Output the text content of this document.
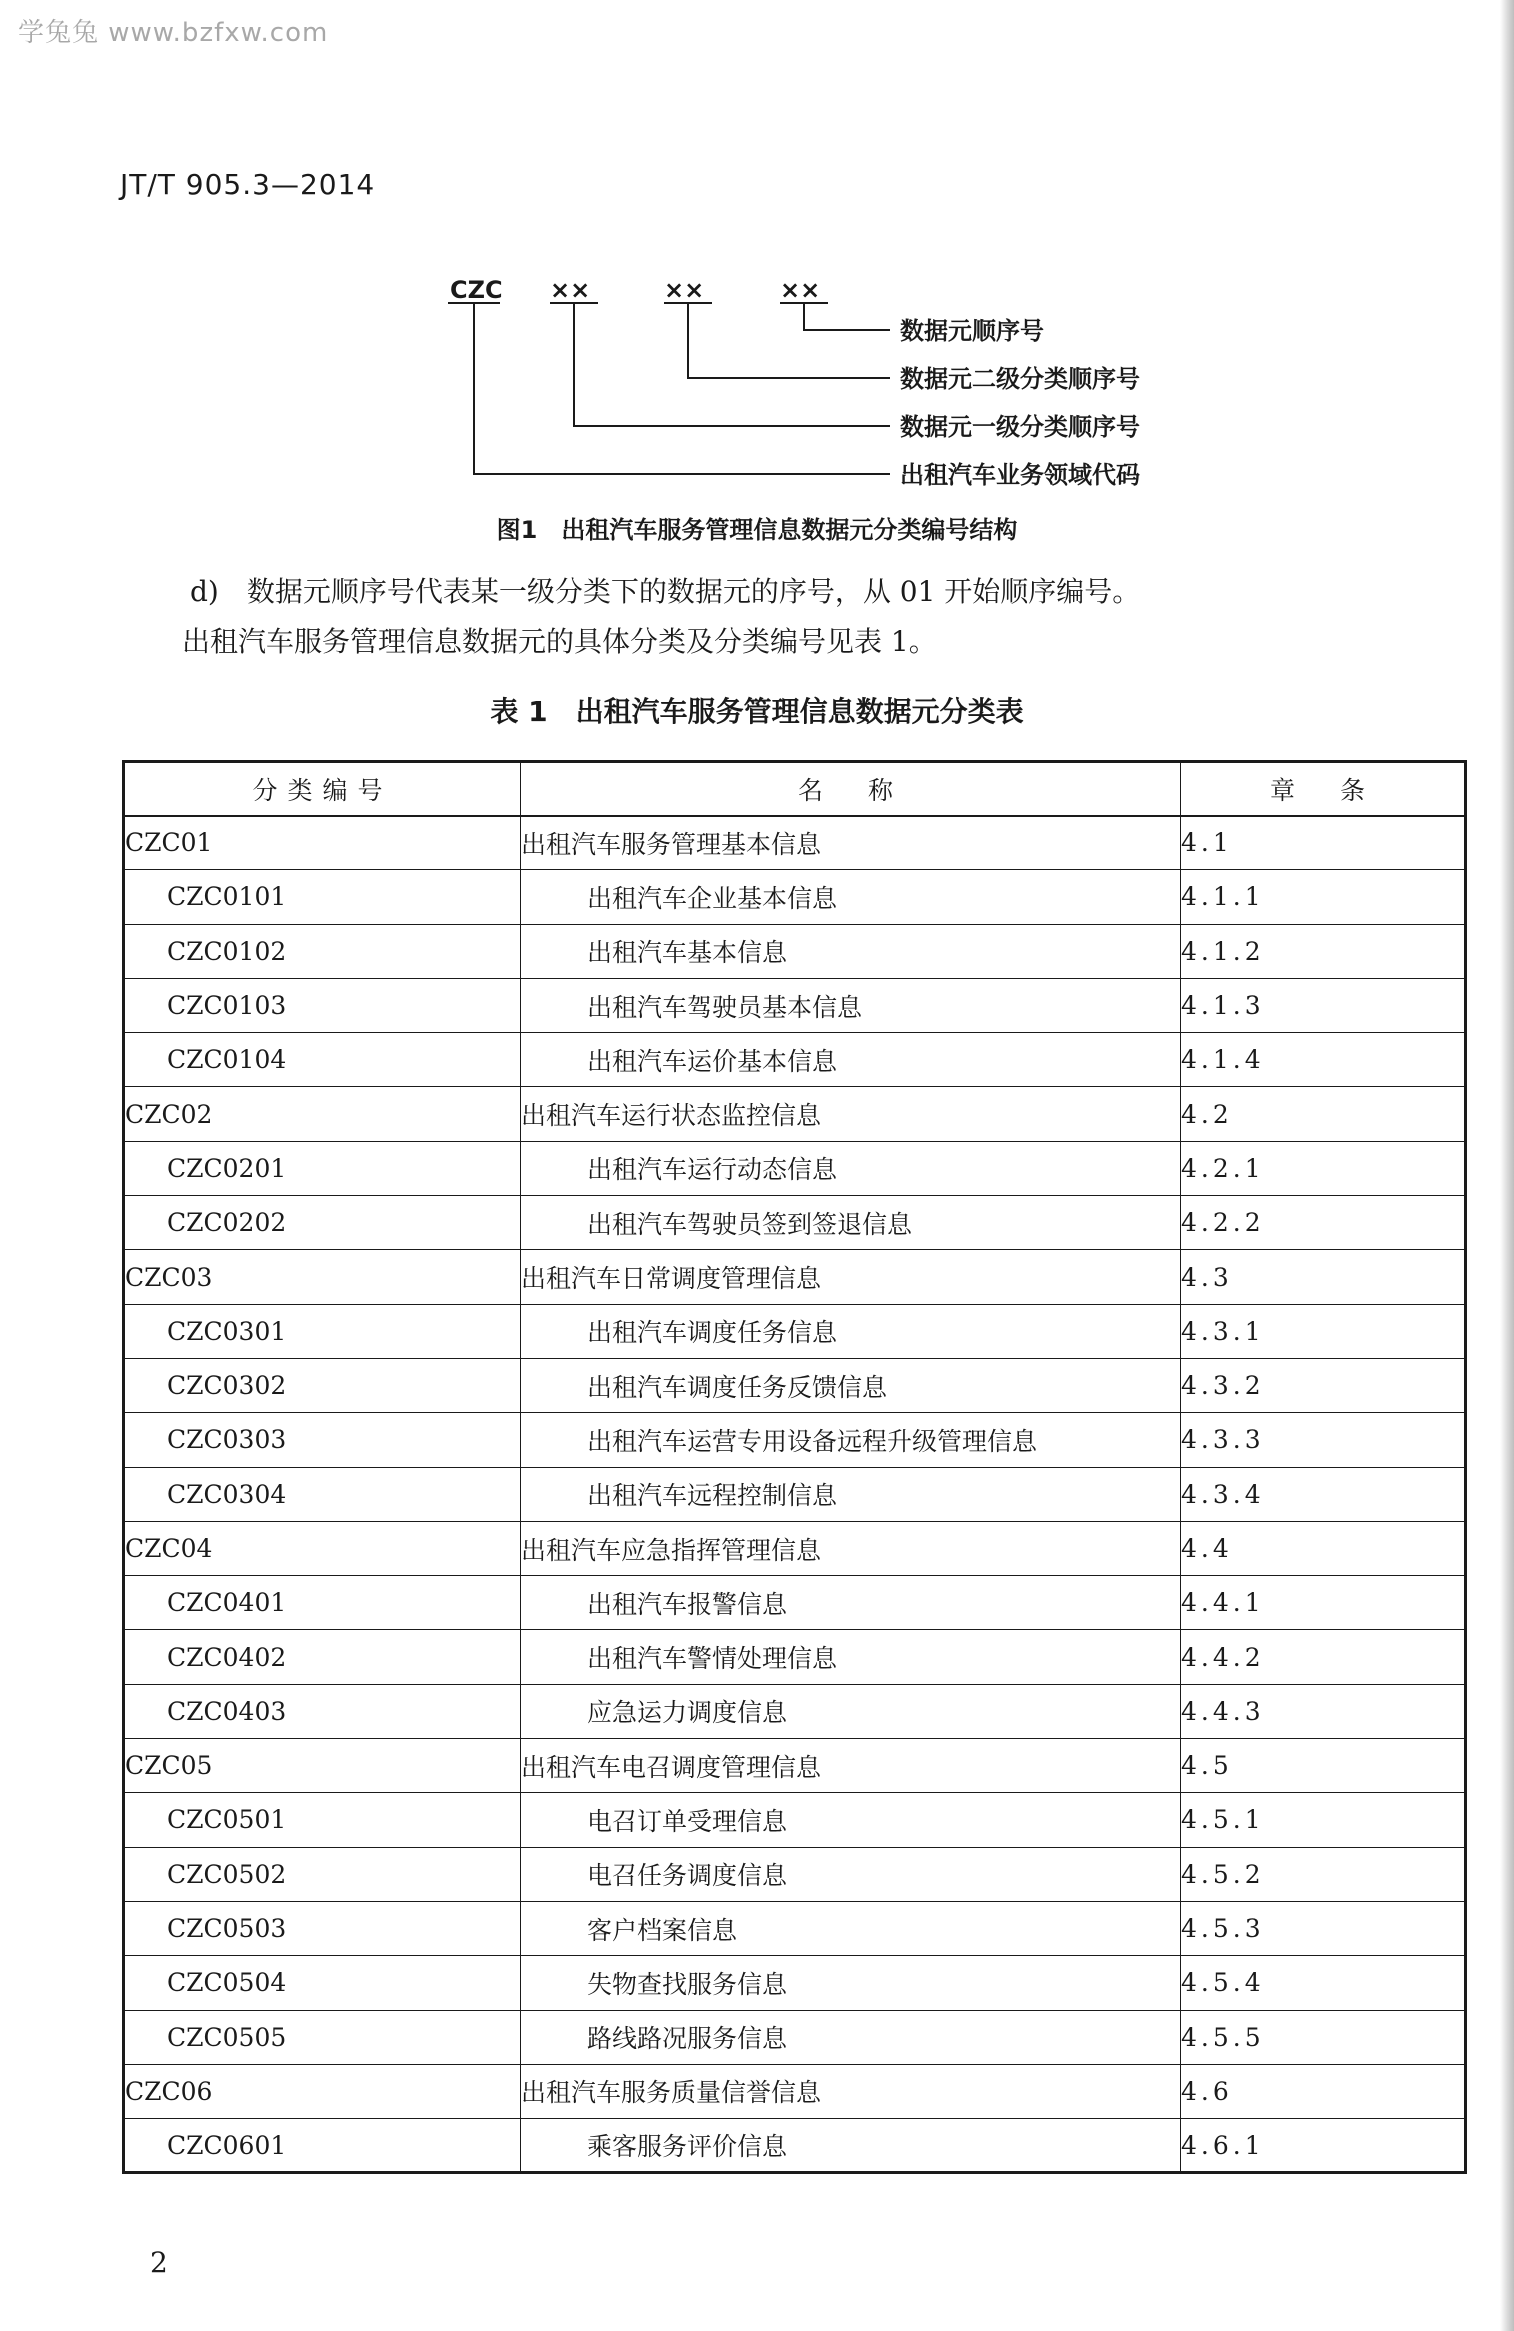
学兔兔 www.bzfxw.com
JT/T 905.3—2014
CZC ××	××	××
数据元顺序号
数据元二级分类顺序号
数据元一级分类顺序号
出租汽车业务领域代码
图1　出租汽车服务管理信息数据元分类编号结构
d)　数据元顺序号代表某一级分类下的数据元的序号，从 01 开始顺序编号。
出租汽车服务管理信息数据元的具体分类及分类编号见表 1。
表 1　出租汽车服务管理信息数据元分类表
分类编号	名　称	章　条
CZC01	出租汽车服务管理基本信息	4.1
CZC0101	出租汽车企业基本信息	4.1.1
CZC0102	出租汽车基本信息	4.1.2
CZC0103	出租汽车驾驶员基本信息	4.1.3
CZC0104	出租汽车运价基本信息	4.1.4
CZC02	出租汽车运行状态监控信息	4.2
CZC0201	出租汽车运行动态信息	4.2.1
CZC0202	出租汽车驾驶员签到签退信息	4.2.2
CZC03	出租汽车日常调度管理信息	4.3
CZC0301	出租汽车调度任务信息	4.3.1
CZC0302	出租汽车调度任务反馈信息	4.3.2
CZC0303	出租汽车运营专用设备远程升级管理信息	4.3.3
CZC0304	出租汽车远程控制信息	4.3.4
CZC04	出租汽车应急指挥管理信息	4.4
CZC0401	出租汽车报警信息	4.4.1
CZC0402	出租汽车警情处理信息	4.4.2
CZC0403	应急运力调度信息	4.4.3
CZC05	出租汽车电召调度管理信息	4.5
CZC0501	电召订单受理信息	4.5.1
CZC0502	电召任务调度信息	4.5.2
CZC0503	客户档案信息	4.5.3
CZC0504	失物查找服务信息	4.5.4
CZC0505	路线路况服务信息	4.5.5
CZC06	出租汽车服务质量信誉信息	4.6
CZC0601	乘客服务评价信息	4.6.1
2
